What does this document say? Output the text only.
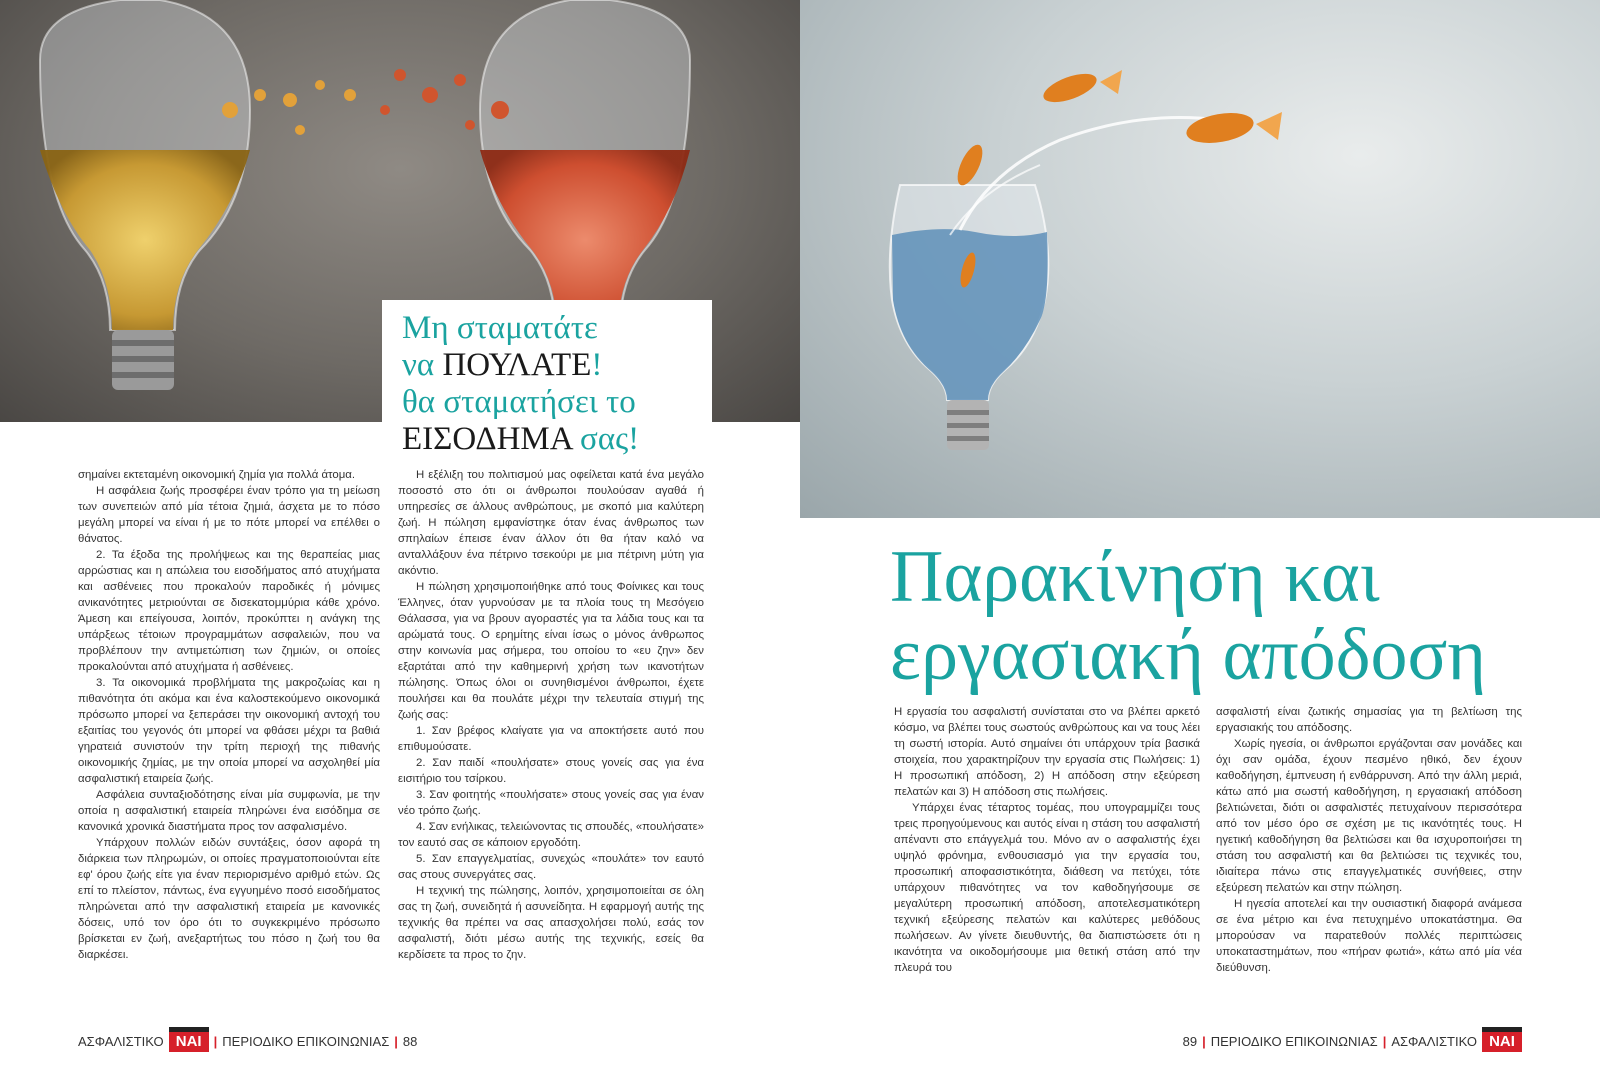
Μη σταματάτε
να ΠΟΥΛΑΤΕ!
θα σταματήσει το
ΕΙΣΟΔΗΜΑ σας!

σημαίνει εκτεταμένη οικονομική ζημία για πολλά άτομα.

Η ασφάλεια ζωής προσφέρει έναν τρόπο για τη μείωση των συνεπειών από μία τέτοια ζημιά, άσχετα με το πόσο μεγάλη μπορεί να είναι ή με το πότε μπορεί να επέλθει ο θάνατος.

2. Τα έξοδα της προλήψεως και της θεραπείας μιας αρρώστιας και η απώλεια του εισοδήματος από ατυχήματα και ασθένειες που προκαλούν παροδικές ή μόνιμες ανικανότητες μετριούνται σε δισεκατομμύρια κάθε χρόνο. Άμεση και επείγουσα, λοιπόν, προκύπτει η ανάγκη της υπάρξεως τέτοιων προγραμμάτων ασφαλειών, που να προβλέπουν την αντιμετώπιση των ζημιών, οι οποίες προκαλούνται από ατυχήματα ή ασθένειες.

3. Τα οικονομικά προβλήματα της μακροζωίας και η πιθανότητα ότι ακόμα και ένα καλοστεκούμενο οικονομικά πρόσωπο μπορεί να ξεπεράσει την οικονομική αντοχή του εξαιτίας του γεγονός ότι μπορεί να φθάσει μέχρι τα βαθιά γηρατειά συνιστούν την τρίτη περιοχή της πιθανής οικονομικής ζημίας, με την οποία μπορεί να ασχοληθεί μία ασφαλιστική εταιρεία ζωής.

Ασφάλεια συνταξιοδότησης είναι μία συμφωνία, με την οποία η ασφαλιστική εταιρεία πληρώνει ένα εισόδημα σε κανονικά χρονικά διαστήματα προς τον ασφαλισμένο.

Υπάρχουν πολλών ειδών συντάξεις, όσον αφορά τη διάρκεια των πληρωμών, οι οποίες πραγματοποιούνται είτε εφ' όρου ζωής είτε για έναν περιορισμένο αριθμό ετών. Ως επί το πλείστον, πάντως, ένα εγγυημένο ποσό εισοδήματος πληρώνεται από την ασφαλιστική εταιρεία με κανονικές δόσεις, υπό τον όρο ότι το συγκεκριμένο πρόσωπο βρίσκεται εν ζωή, ανεξαρτήτως του πόσο η ζωή του θα διαρκέσει.

Η εξέλιξη του πολιτισμού μας οφείλεται κατά ένα μεγάλο ποσοστό στο ότι οι άνθρωποι πουλούσαν αγαθά ή υπηρεσίες σε άλλους ανθρώπους, με σκοπό μια καλύτερη ζωή. Η πώληση εμφανίστηκε όταν ένας άνθρωπος των σπηλαίων έπεισε έναν άλλον ότι θα ήταν καλό να ανταλλάξουν ένα πέτρινο τσεκούρι με μια πέτρινη μύτη για ακόντιο.

Η πώληση χρησιμοποιήθηκε από τους Φοίνικες και τους Έλληνες, όταν γυρνούσαν με τα πλοία τους τη Μεσόγειο Θάλασσα, για να βρουν αγοραστές για τα λάδια τους και τα αρώματά τους. Ο ερημίτης είναι ίσως ο μόνος άνθρωπος στην κοινωνία μας σήμερα, του οποίου το «ευ ζην» δεν εξαρτάται από την καθημερινή χρήση των ικανοτήτων πώλησης. Όπως όλοι οι συνηθισμένοι άνθρωποι, έχετε πουλήσει και θα πουλάτε μέχρι την τελευταία στιγμή της ζωής σας:

1. Σαν βρέφος κλαίγατε για να αποκτήσετε αυτό που επιθυμούσατε.

2. Σαν παιδί «πουλήσατε» στους γονείς σας για ένα εισιτήριο του τσίρκου.

3. Σαν φοιτητής «πουλήσατε» στους γονείς σας για έναν νέο τρόπο ζωής.

4. Σαν ενήλικας, τελειώνοντας τις σπουδές, «πουλήσατε» τον εαυτό σας σε κάποιον εργοδότη.

5. Σαν επαγγελματίας, συνεχώς «πουλάτε» τον εαυτό σας στους συνεργάτες σας.

Η τεχνική της πώλησης, λοιπόν, χρησιμοποιείται σε όλη σας τη ζωή, συνειδητά ή ασυνείδητα. Η εφαρμογή αυτής της τεχνικής θα πρέπει να σας απασχολήσει πολύ, εσάς τον ασφαλιστή, διότι μέσω αυτής της τεχνικής, εσείς θα κερδίσετε τα προς το ζην.

ΑΣΦΑΛΙΣΤΙΚΟ ΝΑΙ | ΠΕΡΙΟΔΙΚΟ ΕΠΙΚΟΙΝΩΝΙΑΣ | 88
Παρακίνηση και
εργασιακή απόδοση

Η εργασία του ασφαλιστή συνίσταται στο να βλέπει αρκετό κόσμο, να βλέπει τους σωστούς ανθρώπους και να τους λέει τη σωστή ιστορία. Αυτό σημαίνει ότι υπάρχουν τρία βασικά στοιχεία, που χαρακτηρίζουν την εργασία στις Πωλήσεις: 1) Η προσωπική απόδοση, 2) Η απόδοση στην εξεύρεση πελατών και 3) Η απόδοση στις πωλήσεις.

Υπάρχει ένας τέταρτος τομέας, που υπογραμμίζει τους τρεις προηγούμενους και αυτός είναι η στάση του ασφαλιστή απέναντι στο επάγγελμά του. Μόνο αν ο ασφαλιστής έχει υψηλό φρόνημα, ενθουσιασμό για την εργασία του, προσωπική αποφασιστικότητα, διάθεση να πετύχει, τότε υπάρχουν πιθανότητες να τον καθοδηγήσουμε σε μεγαλύτερη προσωπική απόδοση, αποτελεσματικότερη τεχνική εξεύρεσης πελατών και καλύτερες μεθόδους πωλήσεων. Αν γίνετε διευθυντής, θα διαπιστώσετε ότι η ικανότητα να οικοδομήσουμε μια θετική στάση από την πλευρά του

ασφαλιστή είναι ζωτικής σημασίας για τη βελτίωση της εργασιακής του απόδοσης.

Χωρίς ηγεσία, οι άνθρωποι εργάζονται σαν μονάδες και όχι σαν ομάδα, έχουν πεσμένο ηθικό, δεν έχουν καθοδήγηση, έμπνευση ή ενθάρρυνση. Από την άλλη μεριά, κάτω από μια σωστή καθοδήγηση, η εργασιακή απόδοση βελτιώνεται, διότι οι ασφαλιστές πετυχαίνουν περισσότερα από τον μέσο όρο σε σχέση με τις ικανότητές τους. Η ηγετική καθοδήγηση θα βελτιώσει και θα ισχυροποιήσει τη στάση του ασφαλιστή και θα βελτιώσει τις τεχνικές του, ιδιαίτερα πάνω στις επαγγελματικές συνήθειες, στην εξεύρεση πελατών και στην πώληση.

Η ηγεσία αποτελεί και την ουσιαστική διαφορά ανάμεσα σε ένα μέτριο και ένα πετυχημένο υποκατάστημα. Θα μπορούσαν να παρατεθούν πολλές περιπτώσεις υποκαταστημάτων, που «πήραν φωτιά», κάτω από μία νέα διεύθυνση.

89 | ΠΕΡΙΟΔΙΚΟ ΕΠΙΚΟΙΝΩΝΙΑΣ | ΑΣΦΑΛΙΣΤΙΚΟ ΝΑΙ
